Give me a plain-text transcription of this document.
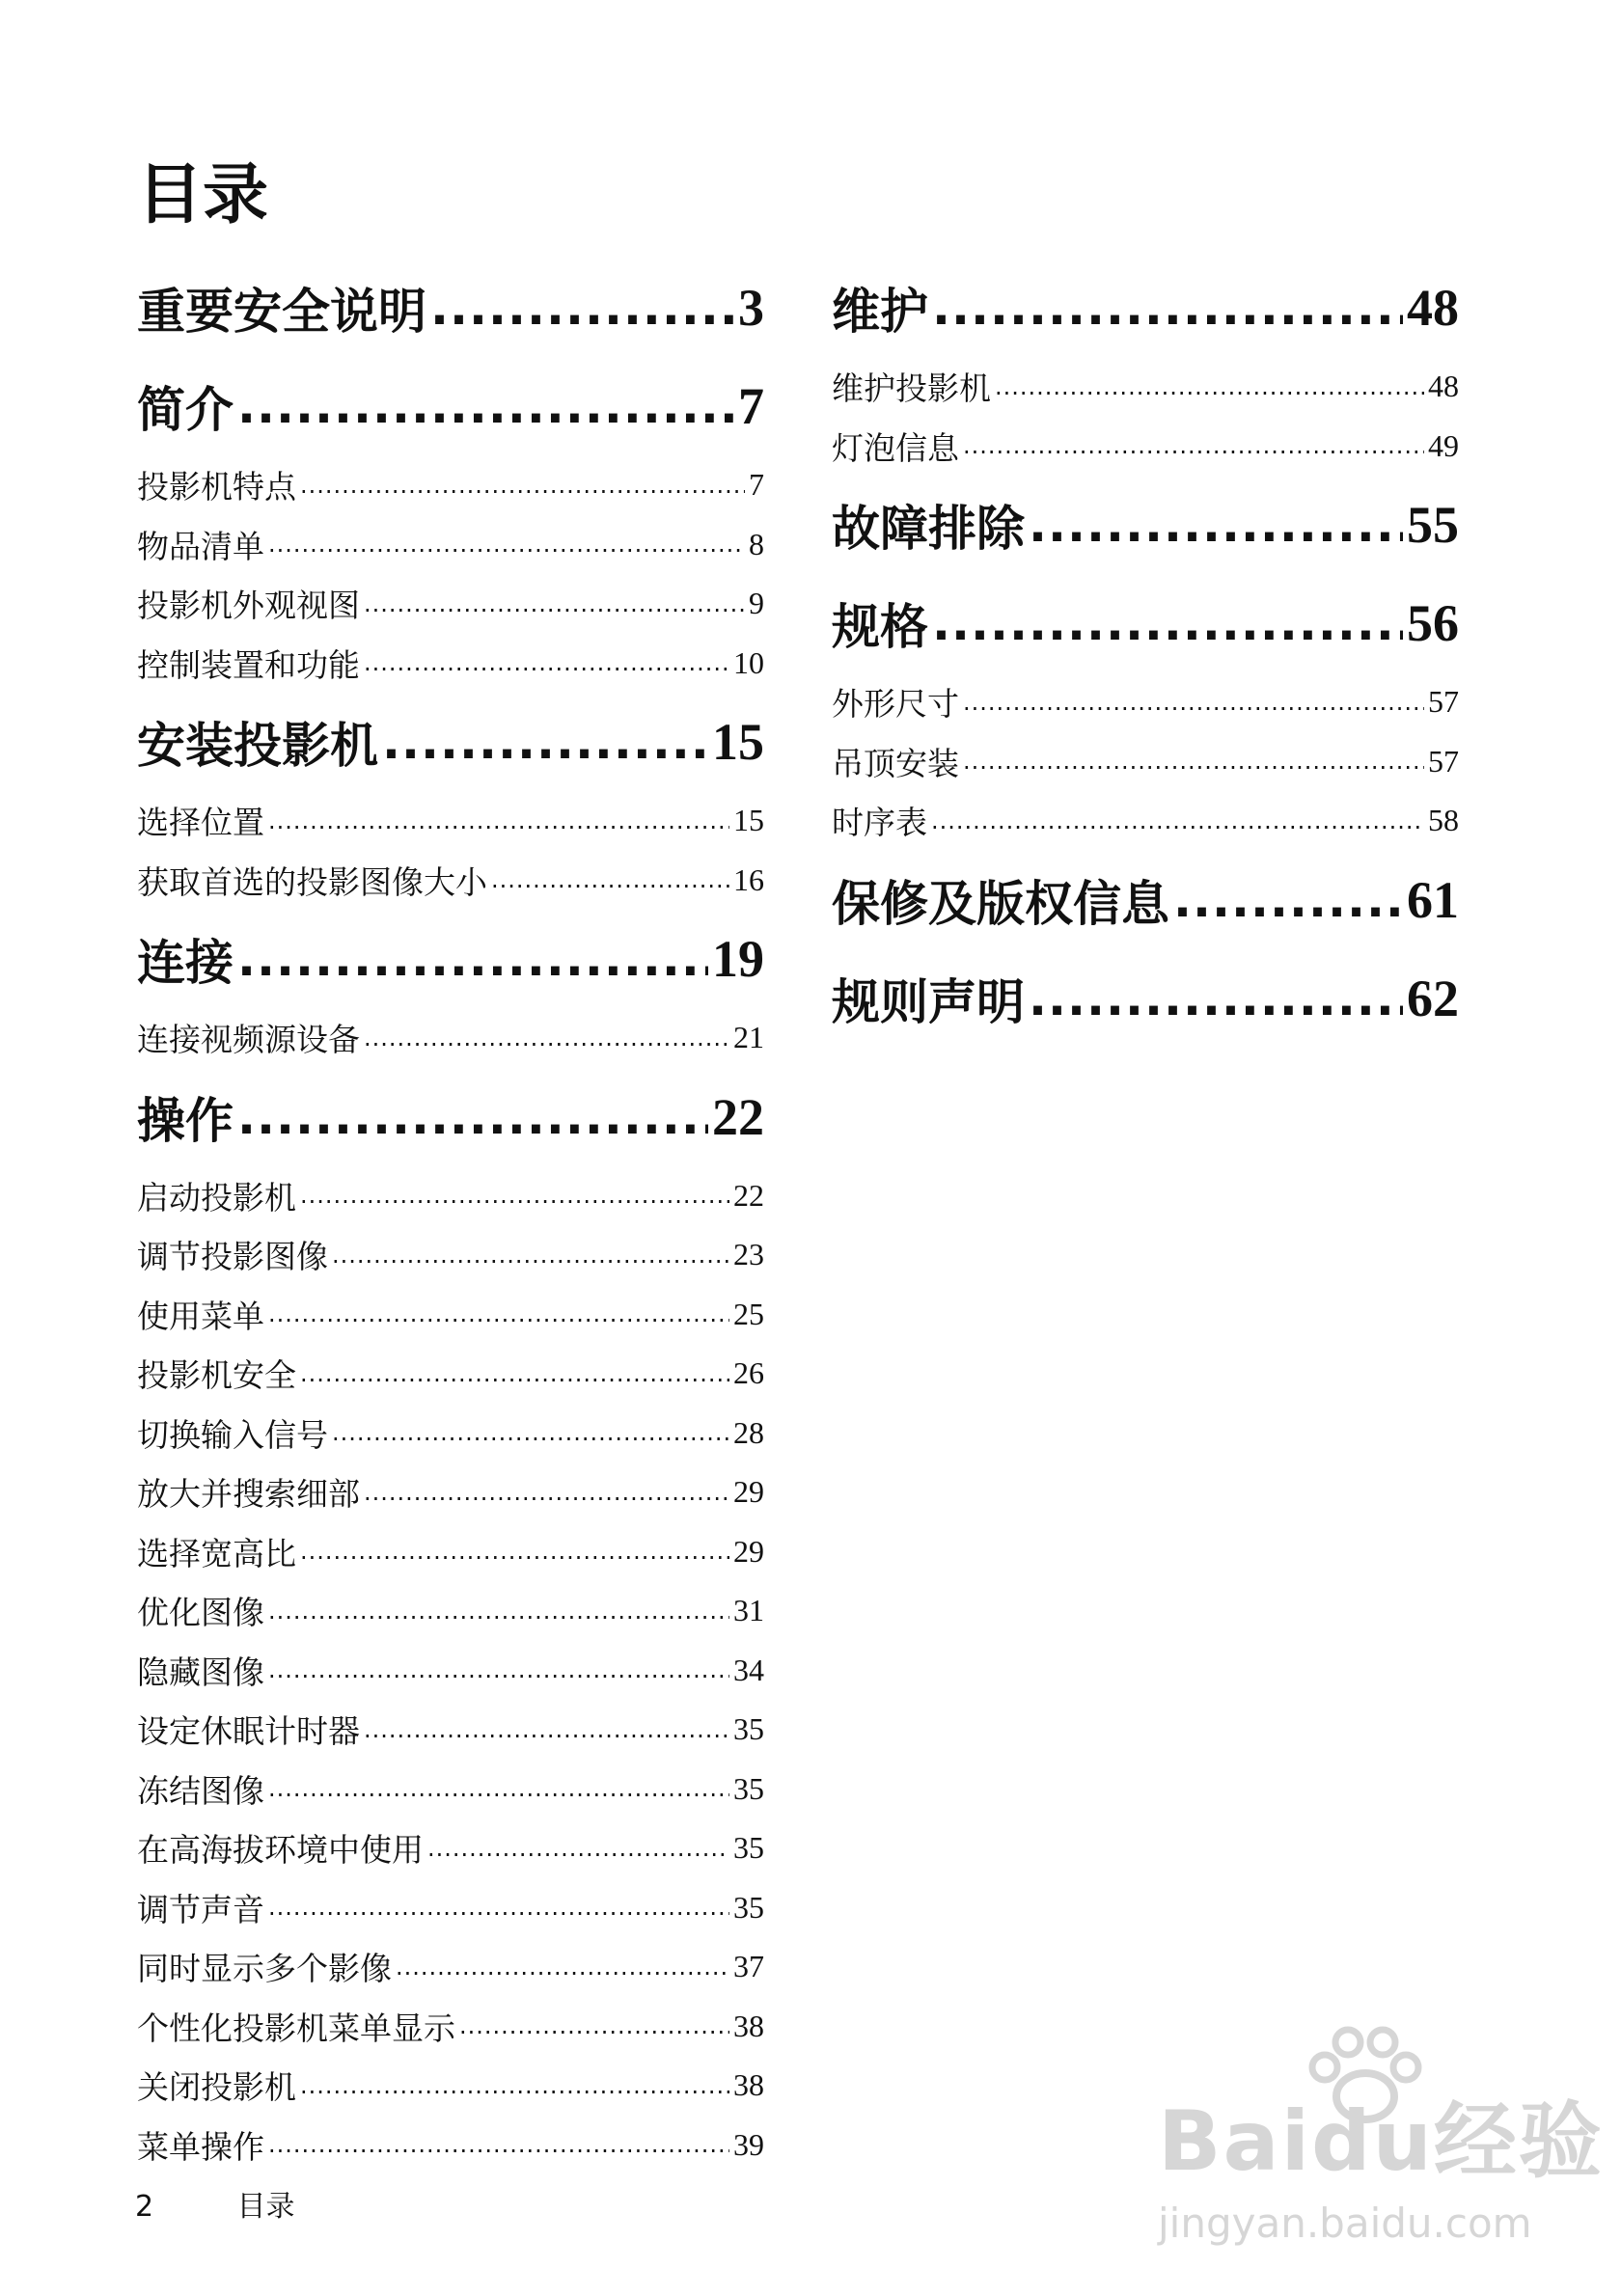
目录
重要安全说明 .....	3
简介 .....	7
投影机特点 .....	7
物品清单 .....	8
投影机外观视图 .....	9
控制装置和功能 .....	10
安装投影机 .....	15
选择位置 .....	15
获取首选的投影图像大小 .....	16
连接 .....	19
连接视频源设备 .....	21
操作 .....	22
启动投影机 .....	22
调节投影图像 .....	23
使用菜单 .....	25
投影机安全 .....	26
切换输入信号 .....	28
放大并搜索细部 .....	29
选择宽高比 .....	29
优化图像 .....	31
隐藏图像 .....	34
设定休眠计时器 .....	35
冻结图像 .....	35
在高海拔环境中使用 .....	35
调节声音 .....	35
同时显示多个影像 .....	37
个性化投影机菜单显示 .....	38
关闭投影机 .....	38
菜单操作 .....	39
维护 .....	48
维护投影机 .....	48
灯泡信息 .....	49
故障排除 .....	55
规格 .....	56
外形尺寸 .....	57
吊顶安装 .....	57
时序表 .....	58
保修及版权信息 .....	61
规则声明 .....	62
2	目录
Baidu经验
jingyan.baidu.com
